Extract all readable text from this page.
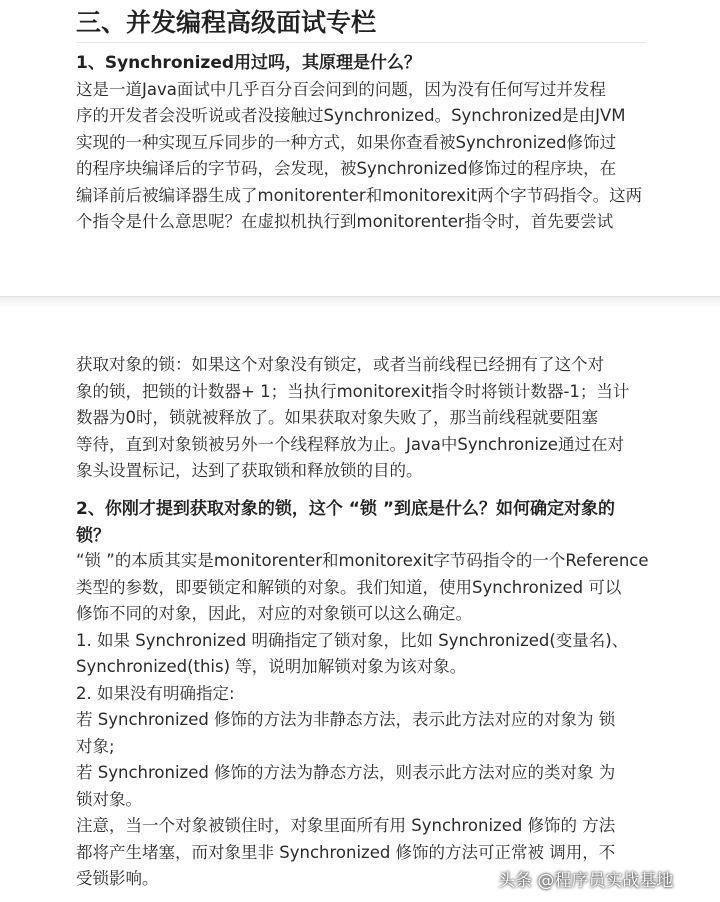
三、并发编程高级面试专栏
1、Synchronized用过吗，其原理是什么？
这是一道Java面试中几乎百分百会问到的问题，因为没有任何写过并发程
序的开发者会没听说或者没接触过Synchronized。Synchronized是由JVM
实现的一种实现互斥同步的一种方式，如果你查看被Synchronized修饰过
的程序块编译后的字节码，会发现，被Synchronized修饰过的程序块，在
编译前后被编译器生成了monitorenter和monitorexit两个字节码指令。这两
个指令是什么意思呢？在虚拟机执行到monitorenter指令时，首先要尝试
获取对象的锁：如果这个对象没有锁定，或者当前线程已经拥有了这个对
象的锁，把锁的计数器+ 1；当执行monitorexit指令时将锁计数器-1；当计
数器为0时，锁就被释放了。如果获取对象失败了，那当前线程就要阻塞
等待，直到对象锁被另外一个线程释放为止。Java中Synchronize通过在对
象头设置标记，达到了获取锁和释放锁的目的。
2、你刚才提到获取对象的锁，这个 “锁 ”到底是什么？如何确定对象的
锁？
“锁 ”的本质其实是monitorenter和monitorexit字节码指令的一个Reference
类型的参数，即要锁定和解锁的对象。我们知道，使用Synchronized 可以
修饰不同的对象，因此，对应的对象锁可以这么确定。
1. 如果 Synchronized 明确指定了锁对象，比如 Synchronized(变量名)、
Synchronized(this) 等，说明加解锁对象为该对象。
2. 如果没有明确指定:
若 Synchronized 修饰的方法为非静态方法，表示此方法对应的对象为 锁
对象;
若 Synchronized 修饰的方法为静态方法，则表示此方法对应的类对象 为
锁对象。
注意，当一个对象被锁住时，对象里面所有用 Synchronized 修饰的 方法
都将产生堵塞，而对象里非 Synchronized 修饰的方法可正常被 调用，不
受锁影响。	头条 @程序员实战基地
